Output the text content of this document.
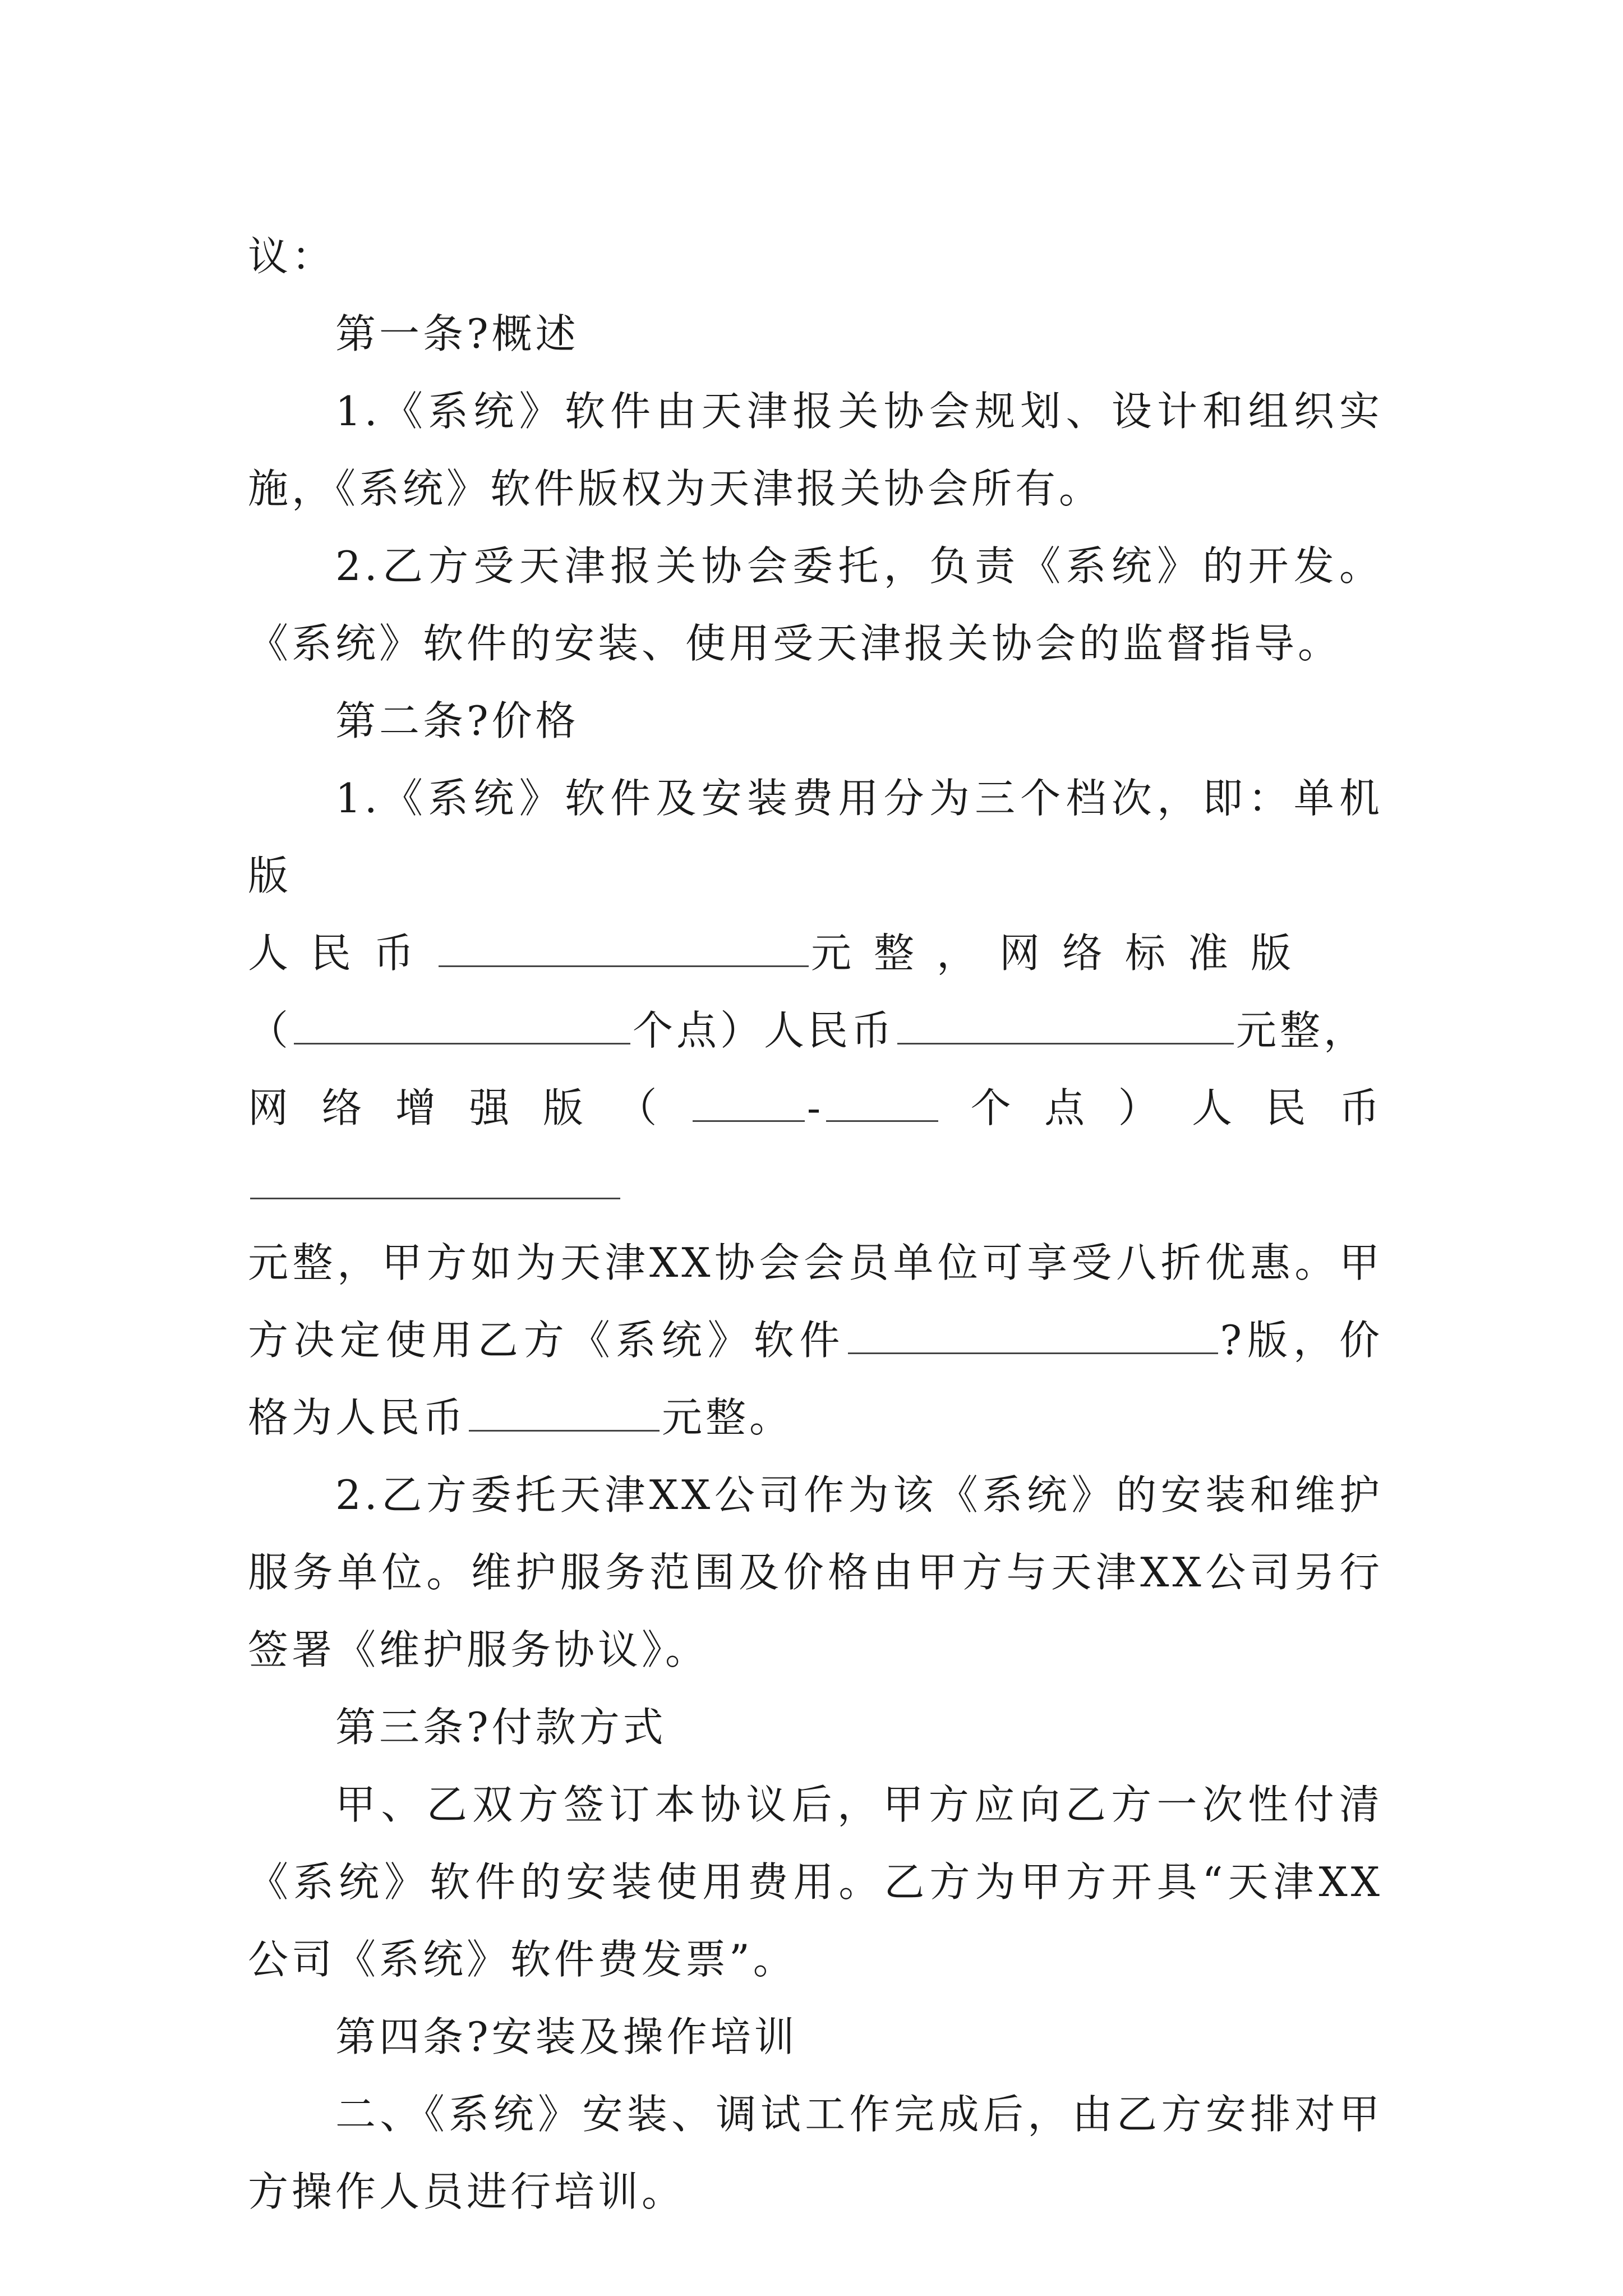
议：

第一条?概述

1.《系统》软件由天津报关协会规划、设计和组织实施，《系统》软件版权为天津报关协会所有。

2.乙方受天津报关协会委托，负责《系统》的开发。《系统》软件的安装、使用受天津报关协会的监督指导。

第二条?价格

1.《系统》软件及安装费用分为三个档次，即：单机版
人民币	元整，网络标准版
（	个点）人民币	元整，
网络增强版（	-	个点）人民币
元整，甲方如为天津XX协会会员单位可享受八折优惠。甲方决定使用乙方《系统》软件	?版，价格为人民币	元整。

2.乙方委托天津XX公司作为该《系统》的安装和维护服务单位。维护服务范围及价格由甲方与天津XX公司另行签署《维护服务协议》。

第三条?付款方式

甲、乙双方签订本协议后，甲方应向乙方一次性付清《系统》软件的安装使用费用。乙方为甲方开具“天津XX公司《系统》软件费发票”。

第四条?安装及操作培训

二、《系统》安装、调试工作完成后，由乙方安排对甲方操作人员进行培训。
